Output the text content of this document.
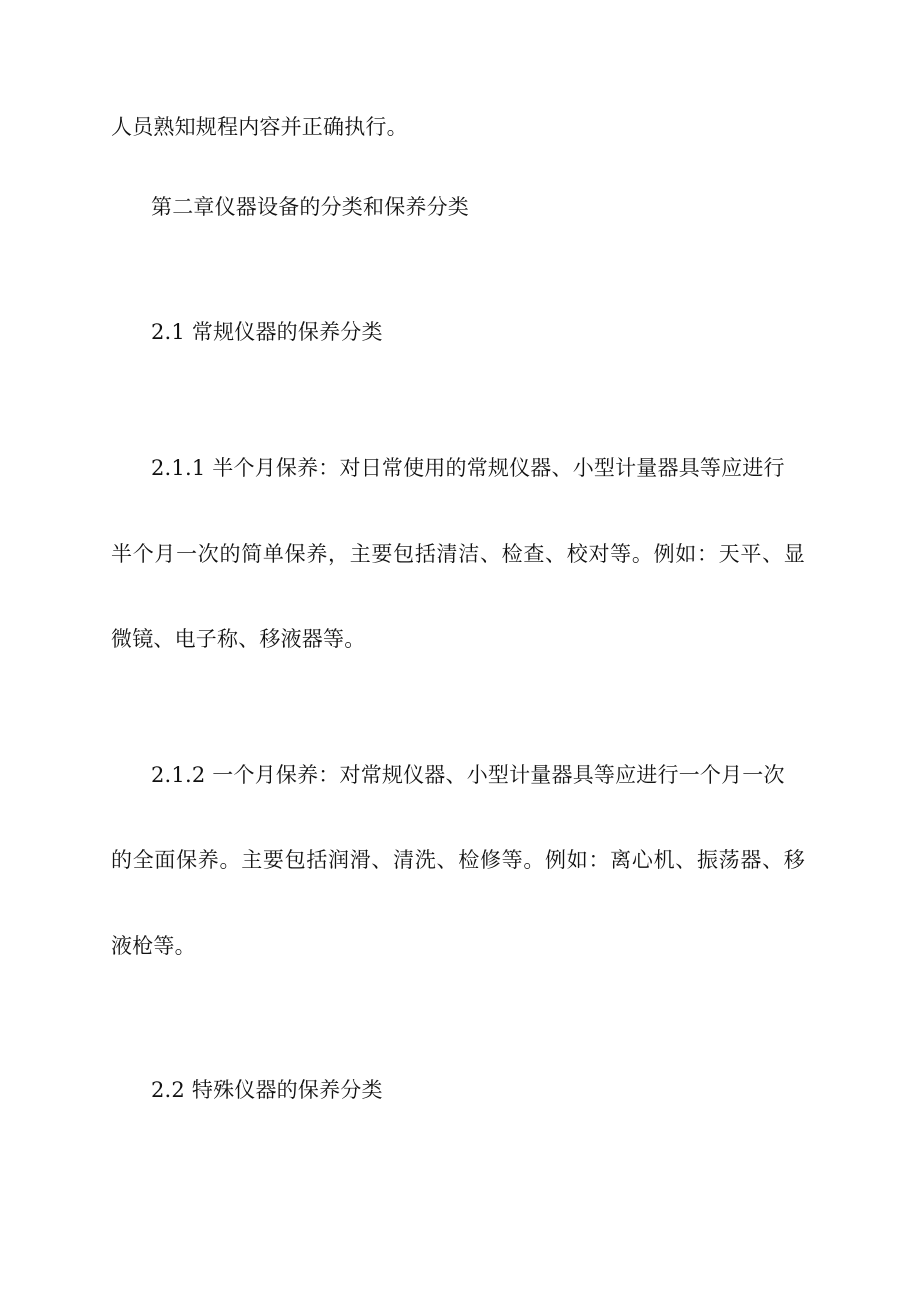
人员熟知规程内容并正确执行。
第二章仪器设备的分类和保养分类
2.1 常规仪器的保养分类
2.1.1 半个月保养：对日常使用的常规仪器、小型计量器具等应进行
半个月一次的简单保养，主要包括清洁、检查、校对等。例如：天平、显
微镜、电子称、移液器等。
2.1.2 一个月保养：对常规仪器、小型计量器具等应进行一个月一次
的全面保养。主要包括润滑、清洗、检修等。例如：离心机、振荡器、移
液枪等。
2.2 特殊仪器的保养分类
